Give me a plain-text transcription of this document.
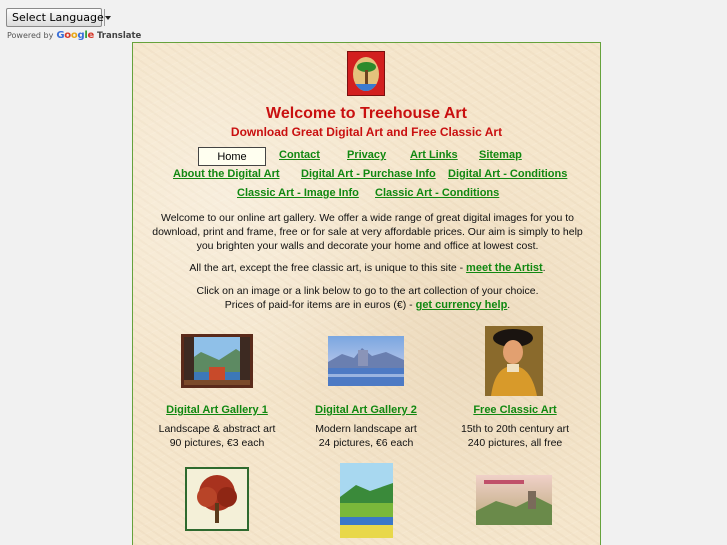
Select Language
Powered by Google Translate
Welcome to Treehouse Art
Download Great Digital Art and Free Classic Art
Home	Contact Privacy Art Links Sitemap
About the Digital Art Digital Art - Purchase Info Digital Art - Conditions
Classic Art - Image Info Classic Art - Conditions
Welcome to our online art gallery. We offer a wide range of great digital images for you to download, print and frame, free or for sale at very affordable prices. Our aim is simply to help you brighten your walls and decorate your home and office at lowest cost.
All the art, except the free classic art, is unique to this site - meet the Artist.
Click on an image or a link below to go to the art collection of your choice.
Prices of paid-for items are in euros (€) - get currency help.
Digital Art Gallery 1
Landscape & abstract art
90 pictures, €3 each
Digital Art Gallery 2
Modern landscape art
24 pictures, €6 each
Free Classic Art
15th to 20th century art
240 pictures, all free
